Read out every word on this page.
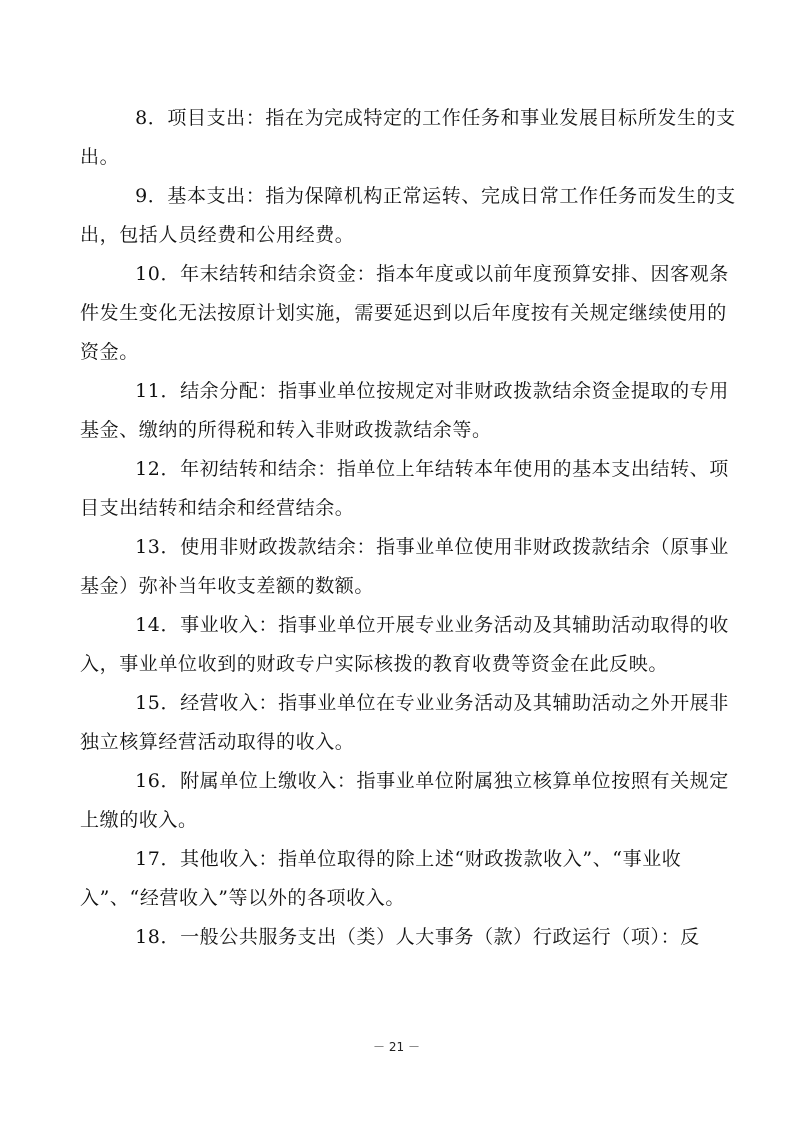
8．项目支出：指在为完成特定的工作任务和事业发展目标所发生的支出。

9．基本支出：指为保障机构正常运转、完成日常工作任务而发生的支出，包括人员经费和公用经费。

10．年末结转和结余资金：指本年度或以前年度预算安排、因客观条件发生变化无法按原计划实施，需要延迟到以后年度按有关规定继续使用的资金。

11．结余分配：指事业单位按规定对非财政拨款结余资金提取的专用基金、缴纳的所得税和转入非财政拨款结余等。

12．年初结转和结余：指单位上年结转本年使用的基本支出结转、项目支出结转和结余和经营结余。

13．使用非财政拨款结余：指事业单位使用非财政拨款结余（原事业基金）弥补当年收支差额的数额。

14．事业收入：指事业单位开展专业业务活动及其辅助活动取得的收入，事业单位收到的财政专户实际核拨的教育收费等资金在此反映。

15．经营收入：指事业单位在专业业务活动及其辅助活动之外开展非独立核算经营活动取得的收入。

16．附属单位上缴收入：指事业单位附属独立核算单位按照有关规定上缴的收入。

17．其他收入：指单位取得的除上述“财政拨款收入”、“事业收入”、“经营收入”等以外的各项收入。

18．一般公共服务支出（类）人大事务（款）行政运行（项）：反

－ 21 －
